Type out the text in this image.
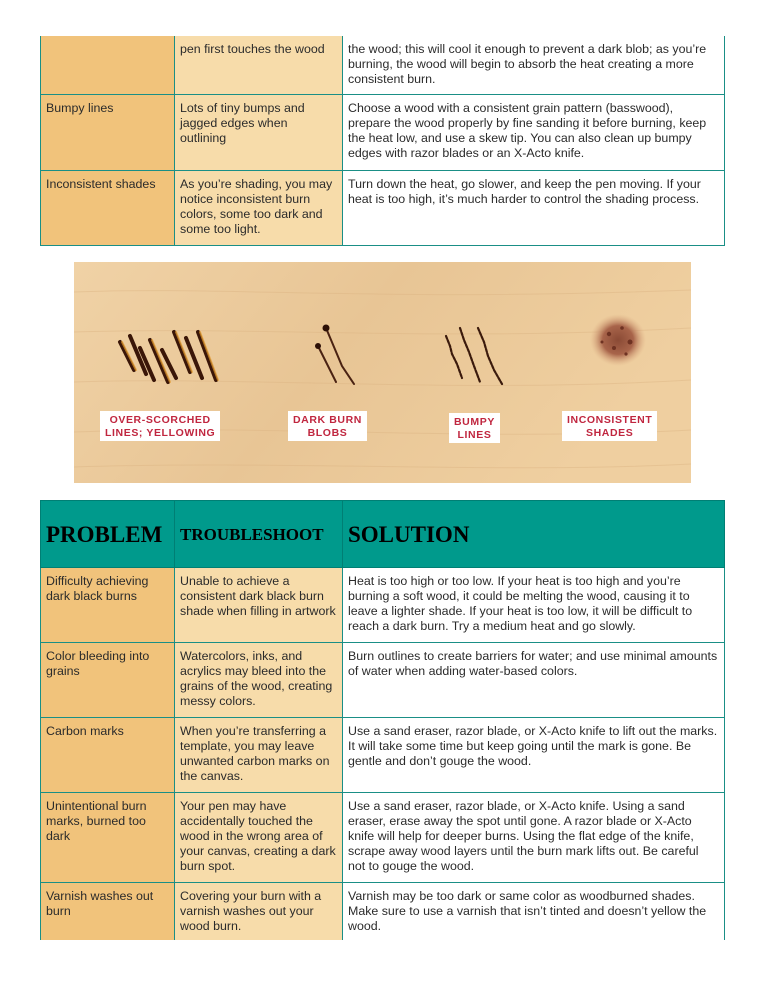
	pen first touches the wood	the wood; this will cool it enough to prevent a dark blob; as you’re burning, the wood will begin to absorb the heat creating a more consistent burn.
Bumpy lines	Lots of tiny bumps and jagged edges when outlining	Choose a wood with a consistent grain pattern (basswood), prepare the wood properly by fine sanding it before burning, keep the heat low, and use a skew tip. You can also clean up bumpy edges with razor blades or an X-Acto knife.
Inconsistent shades	As you’re shading, you may notice inconsistent burn colors, some too dark and some too light.	Turn down the heat, go slower, and keep the pen moving. If your heat is too high, it’s much harder to control the shading process.
OVER-SCORCHED
LINES; YELLOWING
DARK BURN
BLOBS
BUMPY
LINES
INCONSISTENT
SHADES
PROBLEM	TROUBLESHOOT	SOLUTION
Difficulty achieving dark black burns	Unable to achieve a consistent dark black burn shade when filling in artwork	Heat is too high or too low. If your heat is too high and you’re burning a soft wood, it could be melting the wood, causing it to leave a lighter shade. If your heat is too low, it will be difficult to reach a dark burn. Try a medium heat and go slowly.
Color bleeding into grains	Watercolors, inks, and acrylics may bleed into the grains of the wood, creating messy colors.	Burn outlines to create barriers for water; and use minimal amounts of water when adding water-based colors.
Carbon marks	When you’re transferring a template, you may leave unwanted carbon marks on the canvas.	Use a sand eraser, razor blade, or X-Acto knife to lift out the marks. It will take some time but keep going until the mark is gone. Be gentle and don’t gouge the wood.
Unintentional burn marks, burned too dark	Your pen may have accidentally touched the wood in the wrong area of your canvas, creating a dark burn spot.	Use a sand eraser, razor blade, or X-Acto knife. Using a sand eraser, erase away the spot until gone. A razor blade or X-Acto knife will help for deeper burns. Using the flat edge of the knife, scrape away wood layers until the burn mark lifts out. Be careful not to gouge the wood.
Varnish washes out burn	Covering your burn with a varnish washes out your wood burn.	Varnish may be too dark or same color as woodburned shades. Make sure to use a varnish that isn’t tinted and doesn’t yellow the wood.
